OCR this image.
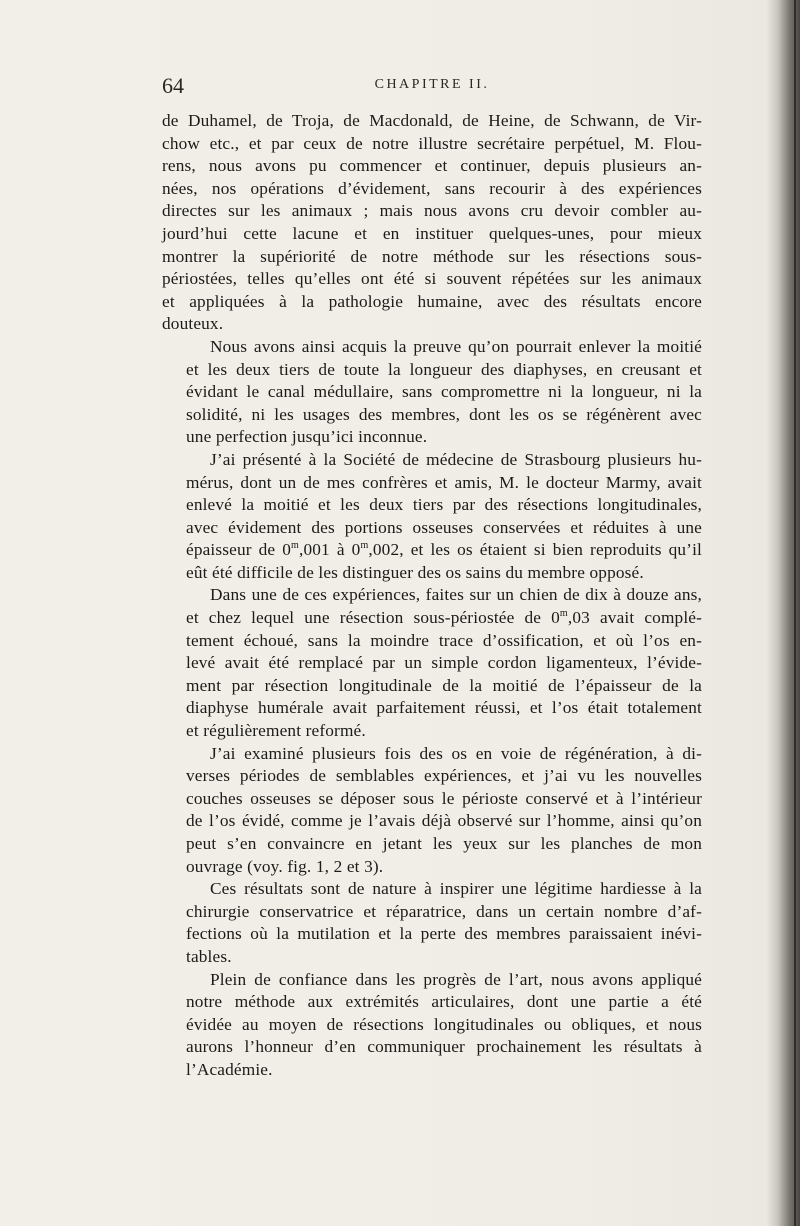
64	CHAPITRE II.

de Duhamel, de Troja, de Macdonald, de Heine, de Schwann, de Vir-
chow etc., et par ceux de notre illustre secrétaire perpétuel, M. Flou-
rens, nous avons pu commencer et continuer, depuis plusieurs an-
nées, nos opérations d’évidement, sans recourir à des expériences
directes sur les animaux ; mais nous avons cru devoir combler au-
jourd’hui cette lacune et en instituer quelques-unes, pour mieux
montrer la supériorité de notre méthode sur les résections sous-
périostées, telles qu’elles ont été si souvent répétées sur les animaux
et appliquées à la pathologie humaine, avec des résultats encore
douteux.

Nous avons ainsi acquis la preuve qu’on pourrait enlever la moitié
et les deux tiers de toute la longueur des diaphyses, en creusant et
évidant le canal médullaire, sans compromettre ni la longueur, ni la
solidité, ni les usages des membres, dont les os se régénèrent avec
une perfection jusqu’ici inconnue.

J’ai présenté à la Société de médecine de Strasbourg plusieurs hu-
mérus, dont un de mes confrères et amis, M. le docteur Marmy, avait
enlevé la moitié et les deux tiers par des résections longitudinales,
avec évidement des portions osseuses conservées et réduites à une
épaisseur de 0$^m$,001 à 0$^m$,002, et les os étaient si bien reproduits qu’il
eût été difficile de les distinguer des os sains du membre opposé.

Dans une de ces expériences, faites sur un chien de dix à douze ans,
et chez lequel une résection sous-périostée de 0$^m$,03 avait complé-
tement échoué, sans la moindre trace d’ossification, et où l’os en-
levé avait été remplacé par un simple cordon ligamenteux, l’évide-
ment par résection longitudinale de la moitié de l’épaisseur de la
diaphyse humérale avait parfaitement réussi, et l’os était totalement
et régulièrement reformé.

J’ai examiné plusieurs fois des os en voie de régénération, à di-
verses périodes de semblables expériences, et j’ai vu les nouvelles
couches osseuses se déposer sous le périoste conservé et à l’intérieur
de l’os évidé, comme je l’avais déjà observé sur l’homme, ainsi qu’on
peut s’en convaincre en jetant les yeux sur les planches de mon
ouvrage (voy. fig. 1, 2 et 3).

Ces résultats sont de nature à inspirer une légitime hardiesse à la
chirurgie conservatrice et réparatrice, dans un certain nombre d’af-
fections où la mutilation et la perte des membres paraissaient inévi-
tables.

Plein de confiance dans les progrès de l’art, nous avons appliqué
notre méthode aux extrémités articulaires, dont une partie a été
évidée au moyen de résections longitudinales ou obliques, et nous
aurons l’honneur d’en communiquer prochainement les résultats à
l’Académie.
